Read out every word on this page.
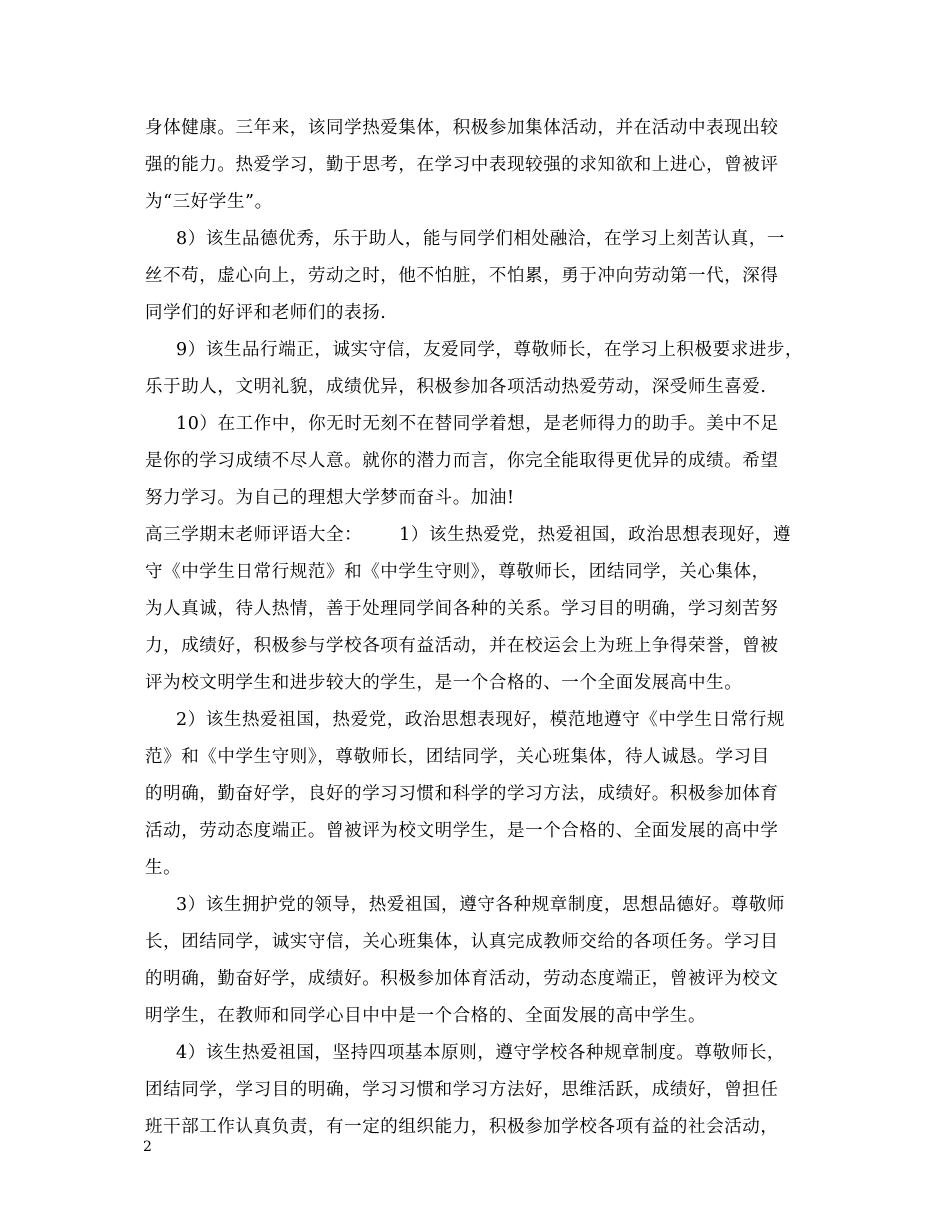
身体健康。三年来，该同学热爱集体，积极参加集体活动，并在活动中表现出较
强的能力。热爱学习，勤于思考，在学习中表现较强的求知欲和上进心，曾被评
为“三好学生”。
8）该生品德优秀，乐于助人，能与同学们相处融洽，在学习上刻苦认真，一
丝不苟，虚心向上，劳动之时，他不怕脏，不怕累，勇于冲向劳动第一代，深得
同学们的好评和老师们的表扬.
9）该生品行端正，诚实守信，友爱同学，尊敬师长，在学习上积极要求进步，
乐于助人，文明礼貌，成绩优异，积极参加各项活动热爱劳动，深受师生喜爱.
10）在工作中，你无时无刻不在替同学着想，是老师得力的助手。美中不足
是你的学习成绩不尽人意。就你的潜力而言，你完全能取得更优异的成绩。希望
努力学习。为自己的理想大学梦而奋斗。加油!
高三学期末老师评语大全：      1）该生热爱党，热爱祖国，政治思想表现好，遵
守《中学生日常行规范》和《中学生守则》，尊敬师长，团结同学，关心集体，
为人真诚，待人热情，善于处理同学间各种的关系。学习目的明确，学习刻苦努
力，成绩好，积极参与学校各项有益活动，并在校运会上为班上争得荣誉，曾被
评为校文明学生和进步较大的学生，是一个合格的、一个全面发展高中生。
2）该生热爱祖国，热爱党，政治思想表现好，模范地遵守《中学生日常行规
范》和《中学生守则》，尊敬师长，团结同学，关心班集体，待人诚恳。学习目
的明确，勤奋好学，良好的学习习惯和科学的学习方法，成绩好。积极参加体育
活动，劳动态度端正。曾被评为校文明学生，是一个合格的、全面发展的高中学
生。
3）该生拥护党的领导，热爱祖国，遵守各种规章制度，思想品德好。尊敬师
长，团结同学，诚实守信，关心班集体，认真完成教师交给的各项任务。学习目
的明确，勤奋好学，成绩好。积极参加体育活动，劳动态度端正，曾被评为校文
明学生，在教师和同学心目中中是一个合格的、全面发展的高中学生。
4）该生热爱祖国，坚持四项基本原则，遵守学校各种规章制度。尊敬师长，
团结同学，学习目的明确，学习习惯和学习方法好，思维活跃，成绩好，曾担任
班干部工作认真负责，有一定的组织能力，积极参加学校各项有益的社会活动，
2
